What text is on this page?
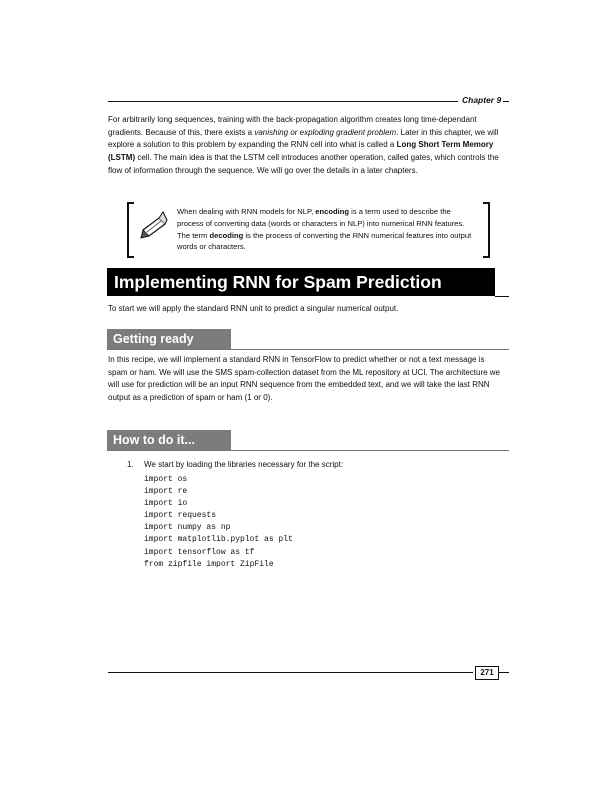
Chapter 9
For arbitrarily long sequences, training with the back-propagation algorithm creates long time-dependant gradients. Because of this, there exists a vanishing or exploding gradient problem. Later in this chapter, we will explore a solution to this problem by expanding the RNN cell into what is called a Long Short Term Memory (LSTM) cell. The main idea is that the LSTM cell introduces another operation, called gates, which controls the flow of information through the sequence. We will go over the details in a later chapters.
When dealing with RNN models for NLP, encoding is a term used to describe the process of converting data (words or characters in NLP) into numerical RNN features. The term decoding is the process of converting the RNN numerical features into output words or characters.
Implementing RNN for Spam Prediction
To start we will apply the standard RNN unit to predict a singular numerical output.
Getting ready
In this recipe, we will implement a standard RNN in TensorFlow to predict whether or not a text message is spam or ham. We will use the SMS spam-collection dataset from the ML repository at UCI. The architecture we will use for prediction will be an input RNN sequence from the embedded text, and we will take the last RNN output as a prediction of spam or ham (1 or 0).
How to do it...
1. We start by loading the libraries necessary for the script:
import os
import re
import io
import requests
import numpy as np
import matplotlib.pyplot as plt
import tensorflow as tf
from zipfile import ZipFile
271
